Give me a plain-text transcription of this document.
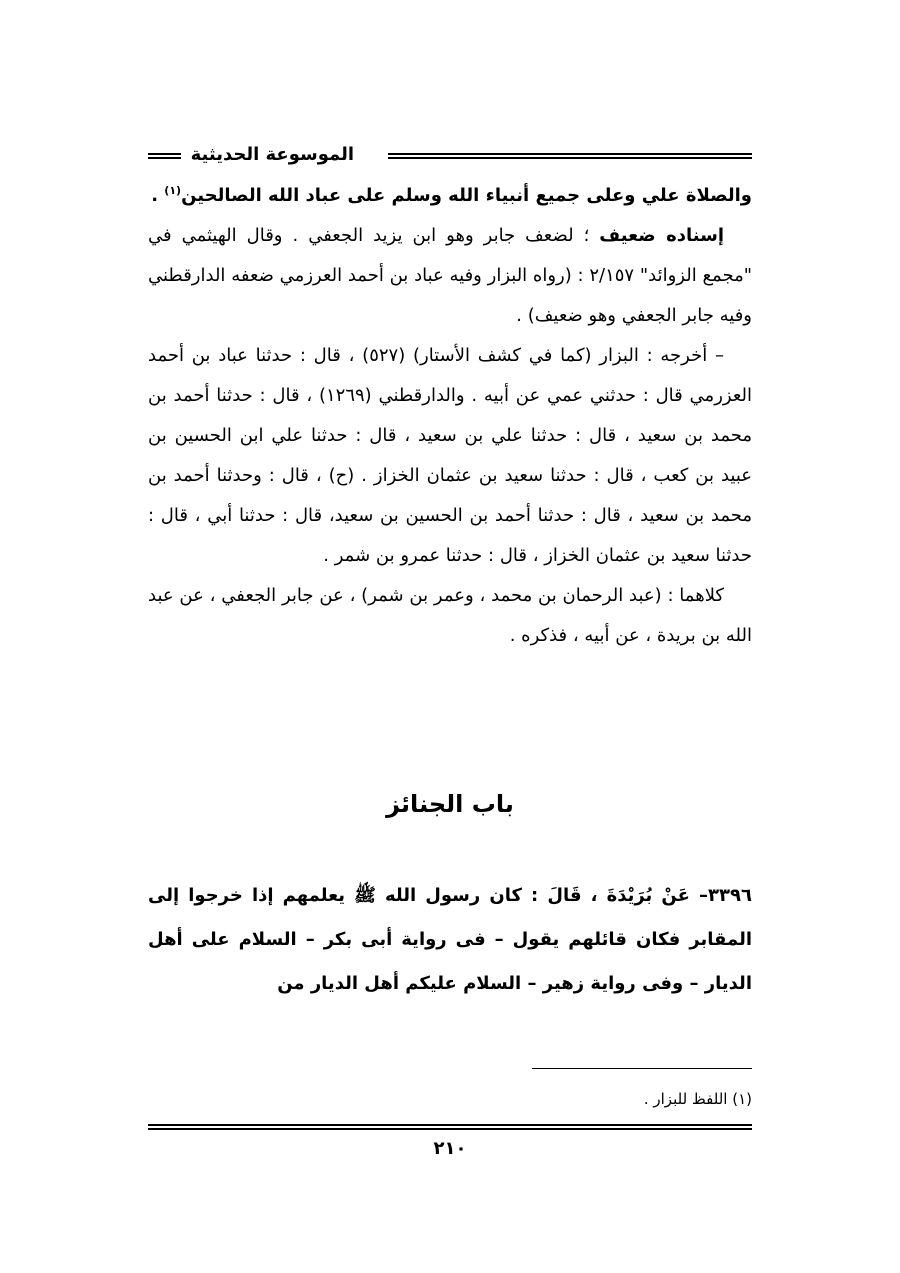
الموسوعة الحديثية

والصلاة علي وعلى جميع أنبياء الله وسلم على عباد الله الصالحين$^{(١)}$ .

إسناده ضعيف ؛ لضعف جابر وهو ابن يزيد الجعفي . وقال الهيثمي في "مجمع الزوائد" ٢/١٥٧ : (رواه البزار وفيه عباد بن أحمد العرزمي ضعفه الدارقطني وفيه جابر الجعفي وهو ضعيف) .

– أخرجه : البزار (كما في كشف الأستار) (٥٢٧) ، قال : حدثنا عباد بن أحمد العزرمي قال : حدثني عمي عن أبيه . والدارقطني (١٢٦٩) ، قال : حدثنا أحمد بن محمد بن سعيد ، قال : حدثنا علي بن سعيد ، قال : حدثنا علي ابن الحسين بن عبيد بن كعب ، قال : حدثنا سعيد بن عثمان الخزاز . (ح) ، قال : وحدثنا أحمد بن محمد بن سعيد ، قال : حدثنا أحمد بن الحسين بن سعيد، قال : حدثنا أبي ، قال : حدثنا سعيد بن عثمان الخزاز ، قال : حدثنا عمرو بن شمر .

كلاهما : (عبد الرحمان بن محمد ، وعمر بن شمر) ، عن جابر الجعفي ، عن عبد الله بن بريدة ، عن أبيه ، فذكره .

باب الجنائز
٣٣٩٦– عَنْ بُرَيْدَةَ ، قَالَ : كان رسول الله ﷺ يعلمهم إذا خرجوا إلى المقابر فكان قائلهم يقول – فى رواية أبى بكر – السلام على أهل الديار – وفى رواية زهير – السلام عليكم أهل الديار من
(١) اللفظ للبزار .
٢١٠
